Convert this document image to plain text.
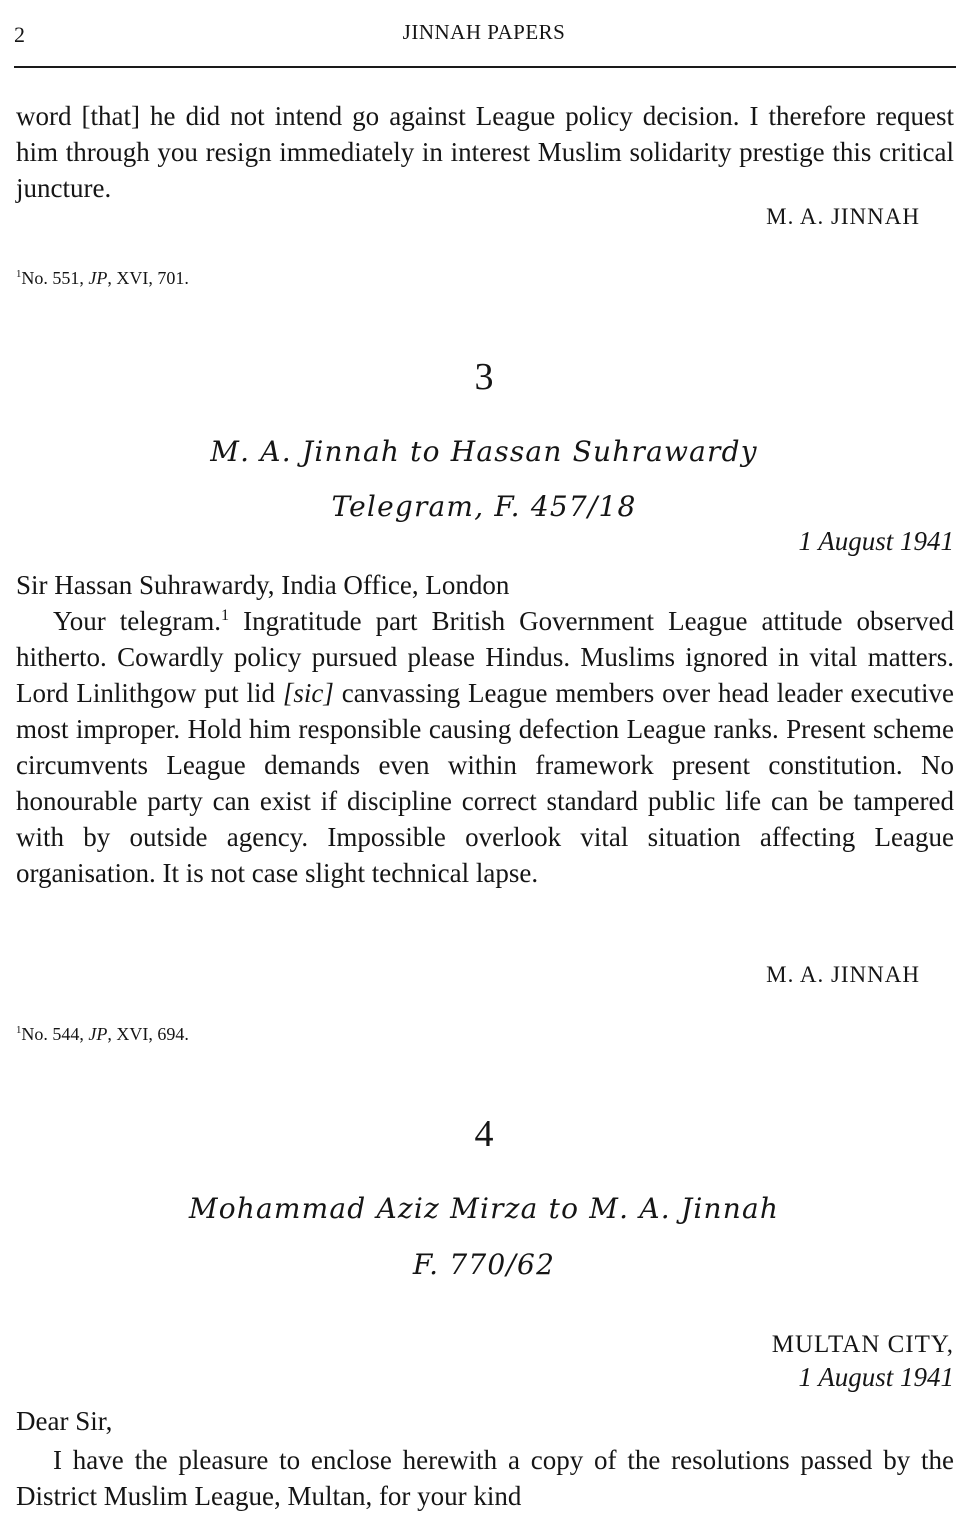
2	JINNAH PAPERS
word [that] he did not intend go against League policy decision. I therefore request him through you resign immediately in interest Muslim solidarity prestige this critical juncture.
M. A. JINNAH
$^1$No. 551, JP, XVI, 701.
3
M. A. Jinnah to Hassan Suhrawardy
Telegram, F. 457/18
1 August 1941
Sir Hassan Suhrawardy, India Office, London
Your telegram.$^1$ Ingratitude part British Government League attitude observed hitherto. Cowardly policy pursued please Hindus. Muslims ignored in vital matters. Lord Linlithgow put lid [sic] canvassing League members over head leader executive most improper. Hold him responsible causing defection League ranks. Present scheme circumvents League demands even within framework present constitution. No honourable party can exist if discipline correct standard public life can be tampered with by outside agency. Impossible overlook vital situation affecting League organisation. It is not case slight technical lapse.
M. A. JINNAH
$^1$No. 544, JP, XVI, 694.
4
Mohammad Aziz Mirza to M. A. Jinnah
F. 770/62
MULTAN CITY,
1 August 1941
Dear Sir,
I have the pleasure to enclose herewith a copy of the resolutions passed by the District Muslim League, Multan, for your kind
